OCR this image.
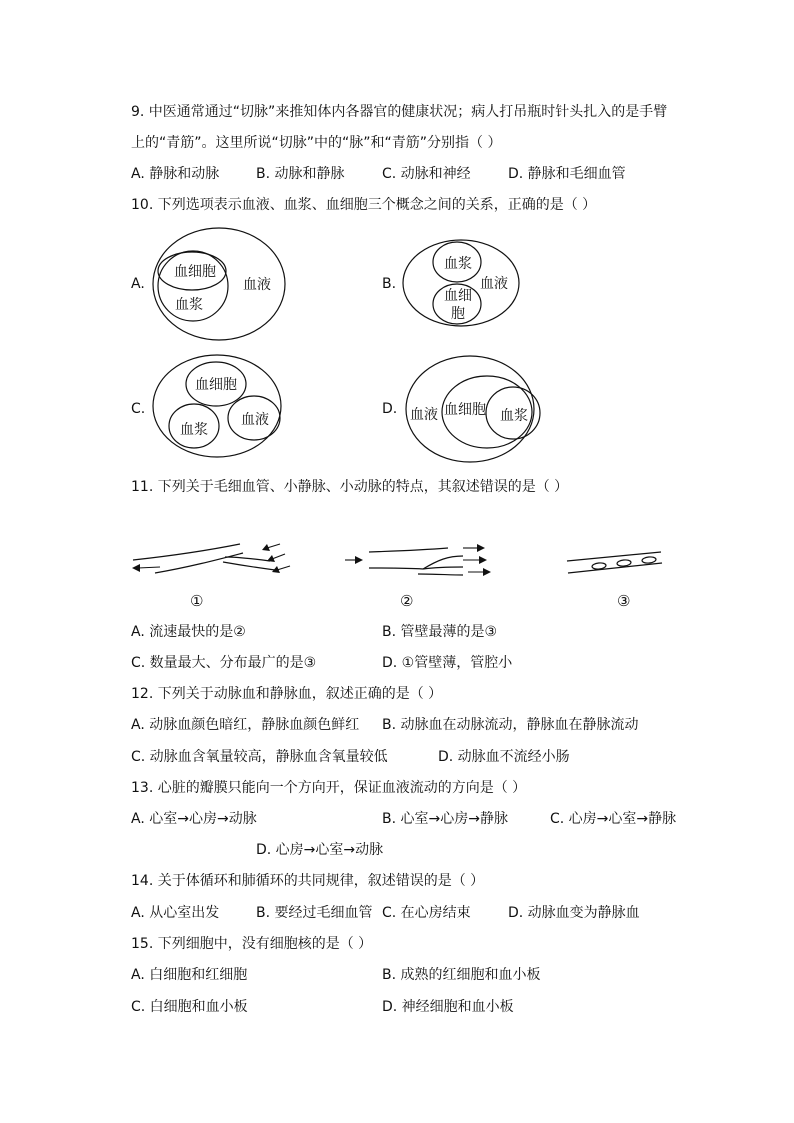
9. 中医通常通过“切脉”来推知体内各器官的健康状况；病人打吊瓶时针头扎入的是手臂
上的“青筋”。这里所说“切脉”中的“脉”和“青筋”分别指（ ）
A. 静脉和动脉	B. 动脉和静脉	C. 动脉和神经	D. 静脉和毛细血管
10. 下列选项表示血液、血浆、血细胞三个概念之间的关系，正确的是（ ）
A.
血细胞
血浆
血液	B.
血浆
血细
胞
血液
C.
血细胞
血浆
血液
D. 血液 血细胞 血浆
11. 下列关于毛细血管、小静脉、小动脉的特点，其叙述错误的是（ ）
①	②	③
A. 流速最快的是②	B. 管壁最薄的是③
C. 数量最大、分布最广的是③	D. ①管壁薄，管腔小
12. 下列关于动脉血和静脉血，叙述正确的是（ ）
A. 动脉血颜色暗红，静脉血颜色鲜红 B. 动脉血在动脉流动，静脉血在静脉流动
C. 动脉血含氧量较高，静脉血含氧量较低	D. 动脉血不流经小肠
13. 心脏的瓣膜只能向一个方向开，保证血液流动的方向是（ ）
A. 心室→心房→动脉	B. 心室→心房→静脉	C. 心房→心室→静脉
D. 心房→心室→动脉
14. 关于体循环和肺循环的共同规律，叙述错误的是（ ）
A. 从心室出发	B. 要经过毛细血管 C. 在心房结束	D. 动脉血变为静脉血
15. 下列细胞中，没有细胞核的是（ ）
A. 白细胞和红细胞	B. 成熟的红细胞和血小板
C. 白细胞和血小板	D. 神经细胞和血小板
